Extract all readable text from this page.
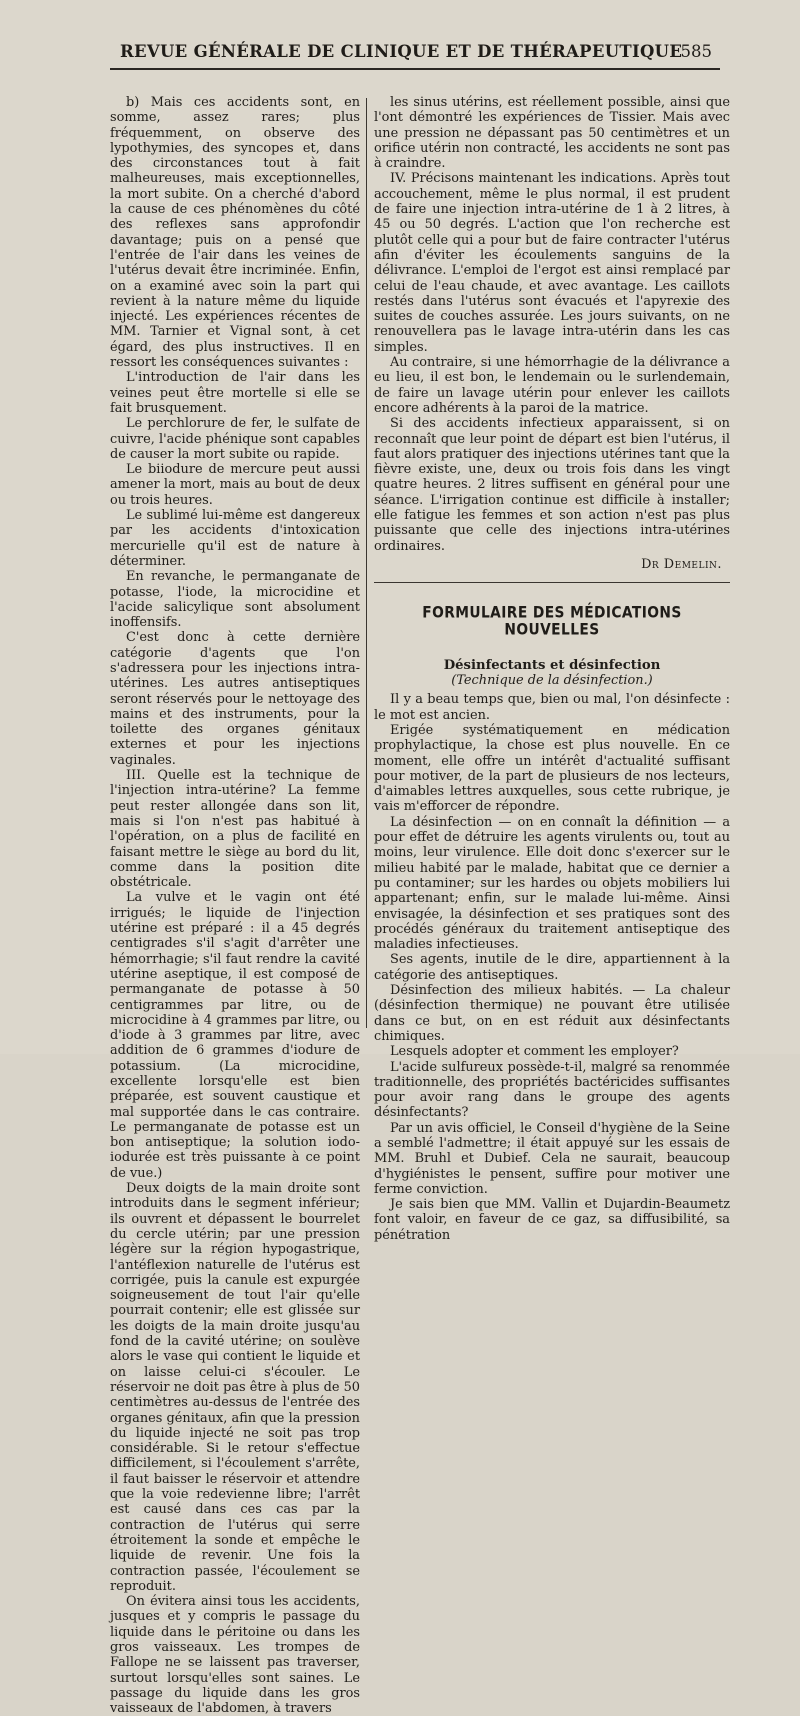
REVUE GÉNÉRALE DE CLINIQUE ET DE THÉRAPEUTIQUE
585

b) Mais ces accidents sont, en somme, assez rares; plus fréquemment, on observe des lypothymies, des syncopes et, dans des circonstances tout à fait malheureuses, mais exceptionnelles, la mort subite. On a cherché d'abord la cause de ces phénomènes du côté des reflexes sans approfondir davantage; puis on a pensé que l'entrée de l'air dans les veines de l'utérus devait être incriminée. Enfin, on a examiné avec soin la part qui revient à la nature même du liquide injecté. Les expériences récentes de MM. Tarnier et Vignal sont, à cet égard, des plus instructives. Il en ressort les conséquences suivantes :

L'introduction de l'air dans les veines peut être mortelle si elle se fait brusquement.

Le perchlorure de fer, le sulfate de cuivre, l'acide phénique sont capables de causer la mort subite ou rapide.

Le biiodure de mercure peut aussi amener la mort, mais au bout de deux ou trois heures.

Le sublimé lui-même est dangereux par les accidents d'intoxication mercurielle qu'il est de nature à déterminer.

En revanche, le permanganate de potasse, l'iode, la microcidine et l'acide salicylique sont absolument inoffensifs.

C'est donc à cette dernière catégorie d'agents que l'on s'adressera pour les injections intra-utérines. Les autres antiseptiques seront réservés pour le nettoyage des mains et des instruments, pour la toilette des organes génitaux externes et pour les injections vaginales.

III. Quelle est la technique de l'injection intra-utérine? La femme peut rester allongée dans son lit, mais si l'on n'est pas habitué à l'opération, on a plus de facilité en faisant mettre le siège au bord du lit, comme dans la position dite obstétricale.

La vulve et le vagin ont été irrigués; le liquide de l'injection utérine est préparé : il a 45 degrés centigrades s'il s'agit d'arrêter une hémorrhagie; s'il faut rendre la cavité utérine aseptique, il est composé de permanganate de potasse à 50 centigrammes par litre, ou de microcidine à 4 grammes par litre, ou d'iode à 3 grammes par litre, avec addition de 6 grammes d'iodure de potassium. (La microcidine, excellente lorsqu'elle est bien préparée, est souvent caustique et mal supportée dans le cas contraire. Le permanganate de potasse est un bon antiseptique; la solution iodo-iodurée est très puissante à ce point de vue.)

Deux doigts de la main droite sont introduits dans le segment inférieur; ils ouvrent et dépassent le bourrelet du cercle utérin; par une pression légère sur la région hypogastrique, l'antéflexion naturelle de l'utérus est corrigée, puis la canule est expurgée soigneusement de tout l'air qu'elle pourrait contenir; elle est glissée sur les doigts de la main droite jusqu'au fond de la cavité utérine; on soulève alors le vase qui contient le liquide et on laisse celui-ci s'écouler. Le réservoir ne doit pas être à plus de 50 centimètres au-dessus de l'entrée des organes génitaux, afin que la pression du liquide injecté ne soit pas trop considérable. Si le retour s'effectue difficilement, si l'écoulement s'arrête, il faut baisser le réservoir et attendre que la voie redevienne libre; l'arrêt est causé dans ces cas par la contraction de l'utérus qui serre étroitement la sonde et empêche le liquide de revenir. Une fois la contraction passée, l'écoulement se reproduit.

On évitera ainsi tous les accidents, jusques et y compris le passage du liquide dans le péritoine ou dans les gros vaisseaux. Les trompes de Fallope ne se laissent pas traverser, surtout lorsqu'elles sont saines. Le passage du liquide dans les gros vaisseaux de l'abdomen, à travers

les sinus utérins, est réellement possible, ainsi que l'ont démontré les expériences de Tissier. Mais avec une pression ne dépassant pas 50 centimètres et un orifice utérin non contracté, les accidents ne sont pas à craindre.

IV. Précisons maintenant les indications. Après tout accouchement, même le plus normal, il est prudent de faire une injection intra-utérine de 1 à 2 litres, à 45 ou 50 degrés. L'action que l'on recherche est plutôt celle qui a pour but de faire contracter l'utérus afin d'éviter les écoulements sanguins de la délivrance. L'emploi de l'ergot est ainsi remplacé par celui de l'eau chaude, et avec avantage. Les caillots restés dans l'utérus sont évacués et l'apyrexie des suites de couches assurée. Les jours suivants, on ne renouvellera pas le lavage intra-utérin dans les cas simples.

Au contraire, si une hémorrhagie de la délivrance a eu lieu, il est bon, le lendemain ou le surlendemain, de faire un lavage utérin pour enlever les caillots encore adhérents à la paroi de la matrice.

Si des accidents infectieux apparaissent, si on reconnaît que leur point de départ est bien l'utérus, il faut alors pratiquer des injections utérines tant que la fièvre existe, une, deux ou trois fois dans les vingt quatre heures. 2 litres suffisent en général pour une séance. L'irrigation continue est difficile à installer; elle fatigue les femmes et son action n'est pas plus puissante que celle des injections intra-utérines ordinaires.

Dr Demelin.

FORMULAIRE DES MÉDICATIONS NOUVELLES

Désinfectants et désinfection

(Technique de la désinfection.)

Il y a beau temps que, bien ou mal, l'on désinfecte : le mot est ancien.

Erigée systématiquement en médication prophylactique, la chose est plus nouvelle. En ce moment, elle offre un intérêt d'actualité suffisant pour motiver, de la part de plusieurs de nos lecteurs, d'aimables lettres auxquelles, sous cette rubrique, je vais m'efforcer de répondre.

La désinfection — on en connaît la définition — a pour effet de détruire les agents virulents ou, tout au moins, leur virulence. Elle doit donc s'exercer sur le milieu habité par le malade, habitat que ce dernier a pu contaminer; sur les hardes ou objets mobiliers lui appartenant; enfin, sur le malade lui-même. Ainsi envisagée, la désinfection et ses pratiques sont des procédés généraux du traitement antiseptique des maladies infectieuses.

Ses agents, inutile de le dire, appartiennent à la catégorie des antiseptiques.

Désinfection des milieux habités. — La chaleur (désinfection thermique) ne pouvant être utilisée dans ce but, on en est réduit aux désinfectants chimiques.

Lesquels adopter et comment les employer?

L'acide sulfureux possède-t-il, malgré sa renommée traditionnelle, des propriétés bactéricides suffisantes pour avoir rang dans le groupe des agents désinfectants?

Par un avis officiel, le Conseil d'hygiène de la Seine a semblé l'admettre; il était appuyé sur les essais de MM. Bruhl et Dubief. Cela ne saurait, beaucoup d'hygiénistes le pensent, suffire pour motiver une ferme conviction.

Je sais bien que MM. Vallin et Dujardin-Beaumetz font valoir, en faveur de ce gaz, sa diffusibilité, sa pénétration
